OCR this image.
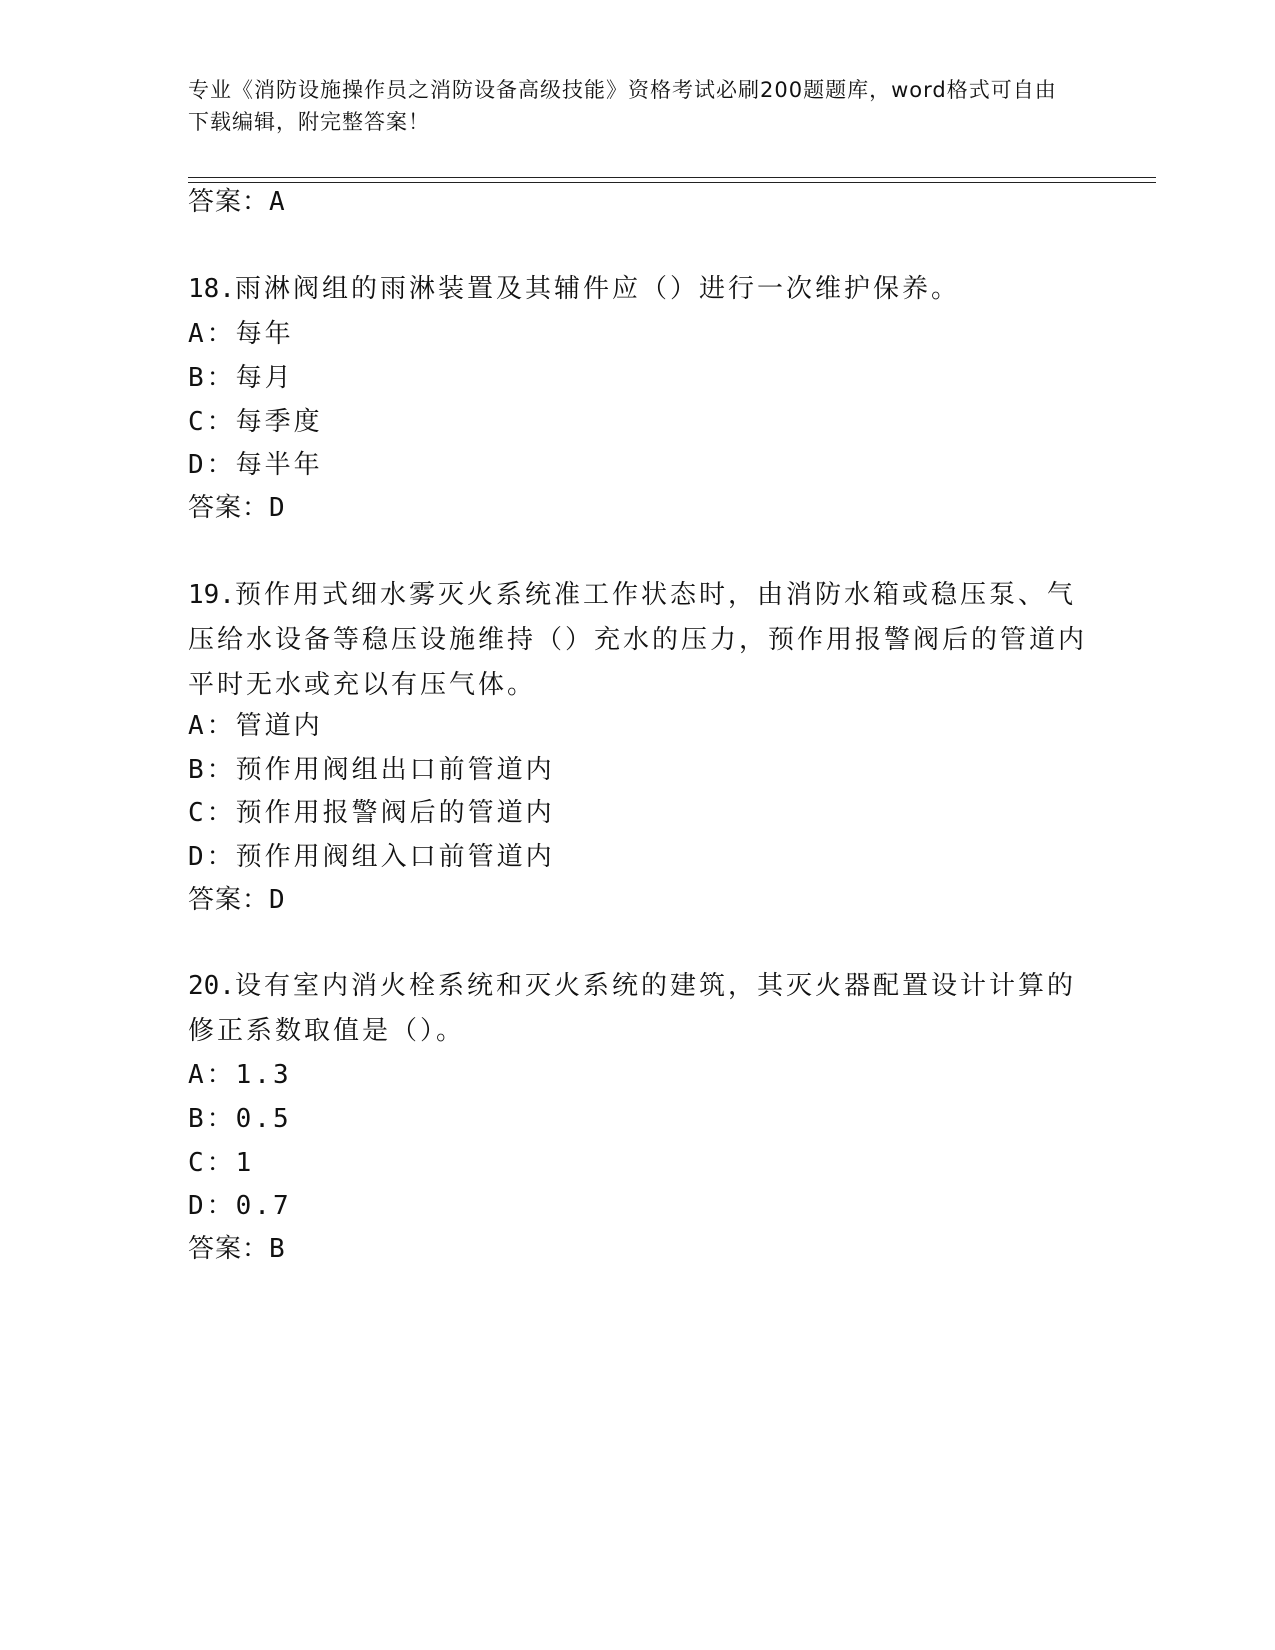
专业《消防设施操作员之消防设备高级技能》资格考试必刷200题题库，word格式可自由下载编辑，附完整答案！
答案：A
18.雨淋阀组的雨淋装置及其辅件应（）进行一次维护保养。
A：每年
B：每月
C：每季度
D：每半年
答案：D
19.预作用式细水雾灭火系统准工作状态时，由消防水箱或稳压泵、气压给水设备等稳压设施维持（）充水的压力，预作用报警阀后的管道内平时无水或充以有压气体。
A：管道内
B：预作用阀组出口前管道内
C：预作用报警阀后的管道内
D：预作用阀组入口前管道内
答案：D
20.设有室内消火栓系统和灭火系统的建筑，其灭火器配置设计计算的修正系数取值是（）。
A：1.3
B：0.5
C：1
D：0.7
答案：B
